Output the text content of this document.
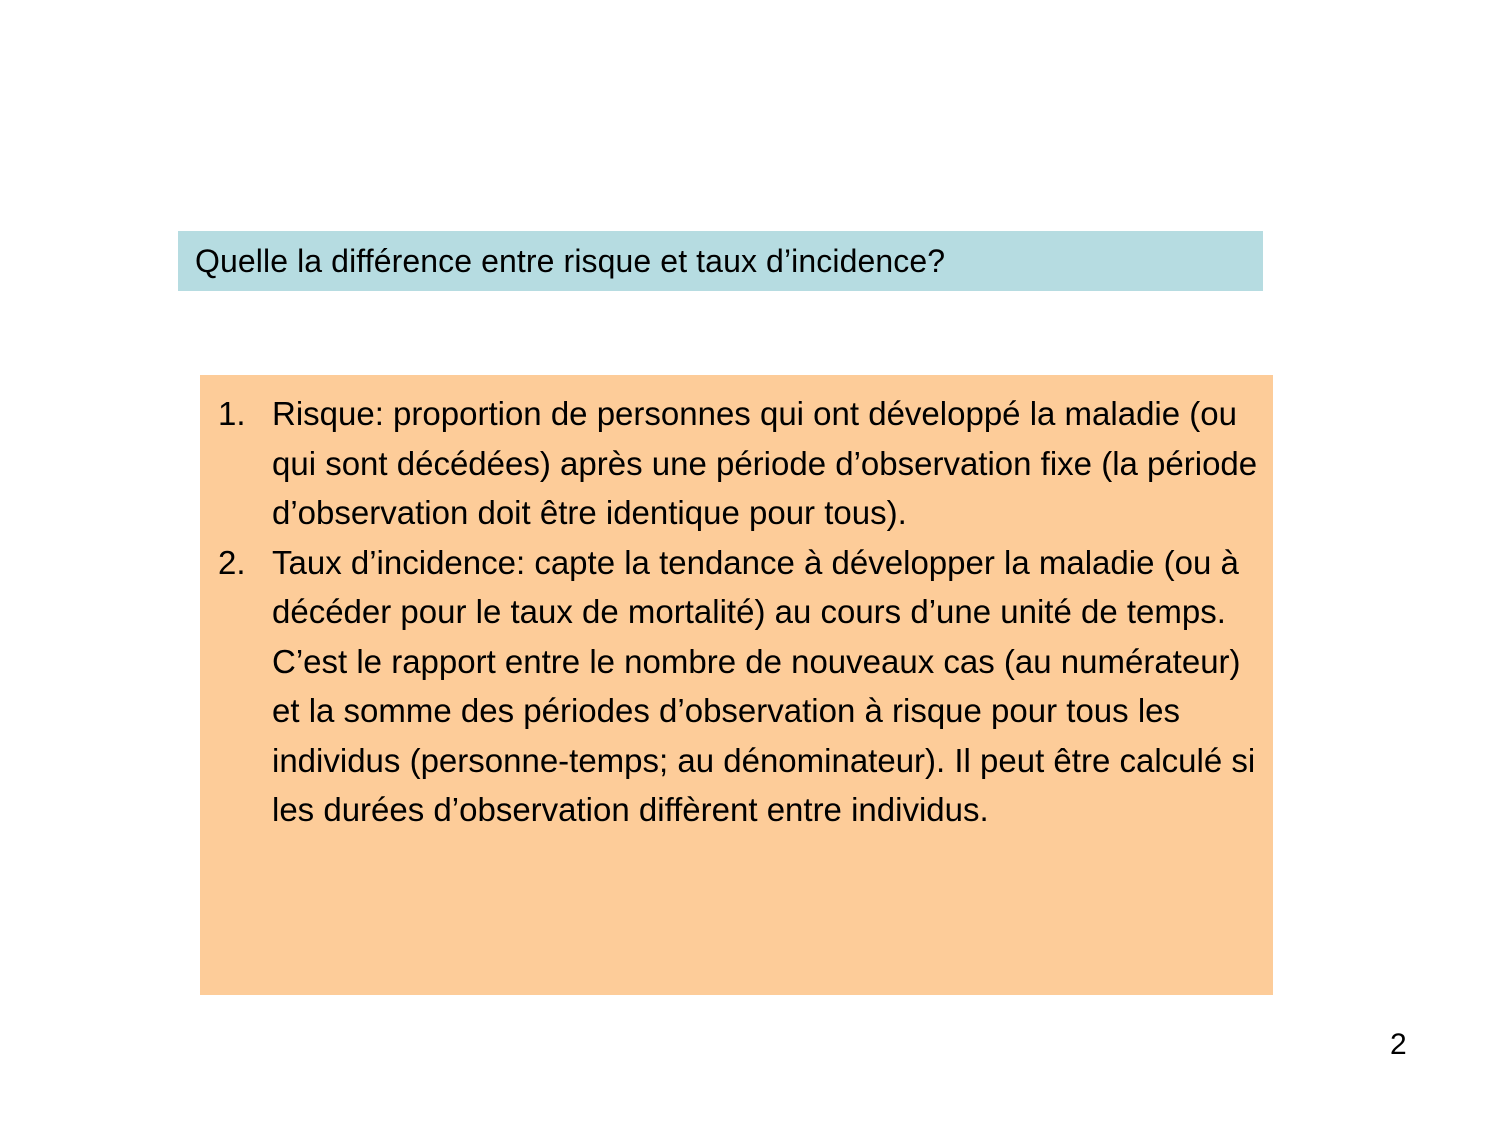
Quelle la différence entre risque et taux d’incidence?
1. Risque: proportion de personnes qui ont développé la maladie (ou qui sont décédées) après une période d’observation fixe (la période d’observation doit être identique pour tous).
2. Taux d’incidence: capte la tendance à développer la maladie (ou à décéder pour le taux de mortalité) au cours d’une unité de temps. C’est le rapport entre le nombre de nouveaux cas (au numérateur) et la somme des périodes d’observation à risque pour tous les individus (personne-temps; au dénominateur). Il peut être calculé si les durées d’observation diffèrent entre individus.
2
